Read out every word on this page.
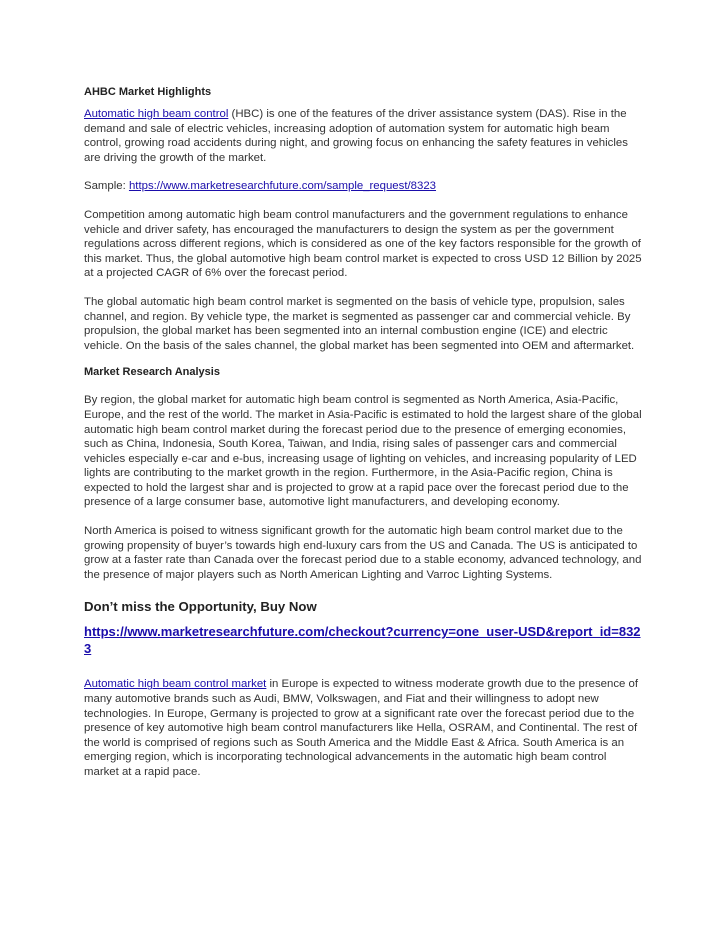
AHBC Market Highlights

Automatic high beam control (HBC) is one of the features of the driver assistance system (DAS). Rise in the demand and sale of electric vehicles, increasing adoption of automation system for automatic high beam control, growing road accidents during night, and growing focus on enhancing the safety features in vehicles are driving the growth of the market.

Sample: https://www.marketresearchfuture.com/sample_request/8323

Competition among automatic high beam control manufacturers and the government regulations to enhance vehicle and driver safety, has encouraged the manufacturers to design the system as per the government regulations across different regions, which is considered as one of the key factors responsible for the growth of this market. Thus, the global automotive high beam control market is expected to cross USD 12 Billion by 2025 at a projected CAGR of 6% over the forecast period.

The global automatic high beam control market is segmented on the basis of vehicle type, propulsion, sales channel, and region. By vehicle type, the market is segmented as passenger car and commercial vehicle. By propulsion, the global market has been segmented into an internal combustion engine (ICE) and electric vehicle. On the basis of the sales channel, the global market has been segmented into OEM and aftermarket.

Market Research Analysis

By region, the global market for automatic high beam control is segmented as North America, Asia-Pacific, Europe, and the rest of the world. The market in Asia-Pacific is estimated to hold the largest share of the global automatic high beam control market during the forecast period due to the presence of emerging economies, such as China, Indonesia, South Korea, Taiwan, and India, rising sales of passenger cars and commercial vehicles especially e-car and e-bus, increasing usage of lighting on vehicles, and increasing popularity of LED lights are contributing to the market growth in the region. Furthermore, in the Asia-Pacific region, China is expected to hold the largest shar and is projected to grow at a rapid pace over the forecast period due to the presence of a large consumer base, automotive light manufacturers, and developing economy.

North America is poised to witness significant growth for the automatic high beam control market due to the growing propensity of buyer’s towards high end-luxury cars from the US and Canada. The US is anticipated to grow at a faster rate than Canada over the forecast period due to a stable economy, advanced technology, and the presence of major players such as North American Lighting and Varroc Lighting Systems.

Don’t miss the Opportunity, Buy Now

https://www.marketresearchfuture.com/checkout?currency=one_user-USD&report_id=8323

Automatic high beam control market in Europe is expected to witness moderate growth due to the presence of many automotive brands such as Audi, BMW, Volkswagen, and Fiat and their willingness to adopt new technologies. In Europe, Germany is projected to grow at a significant rate over the forecast period due to the presence of key automotive high beam control manufacturers like Hella, OSRAM, and Continental. The rest of the world is comprised of regions such as South America and the Middle East & Africa. South America is an emerging region, which is incorporating technological advancements in the automatic high beam control market at a rapid pace.
